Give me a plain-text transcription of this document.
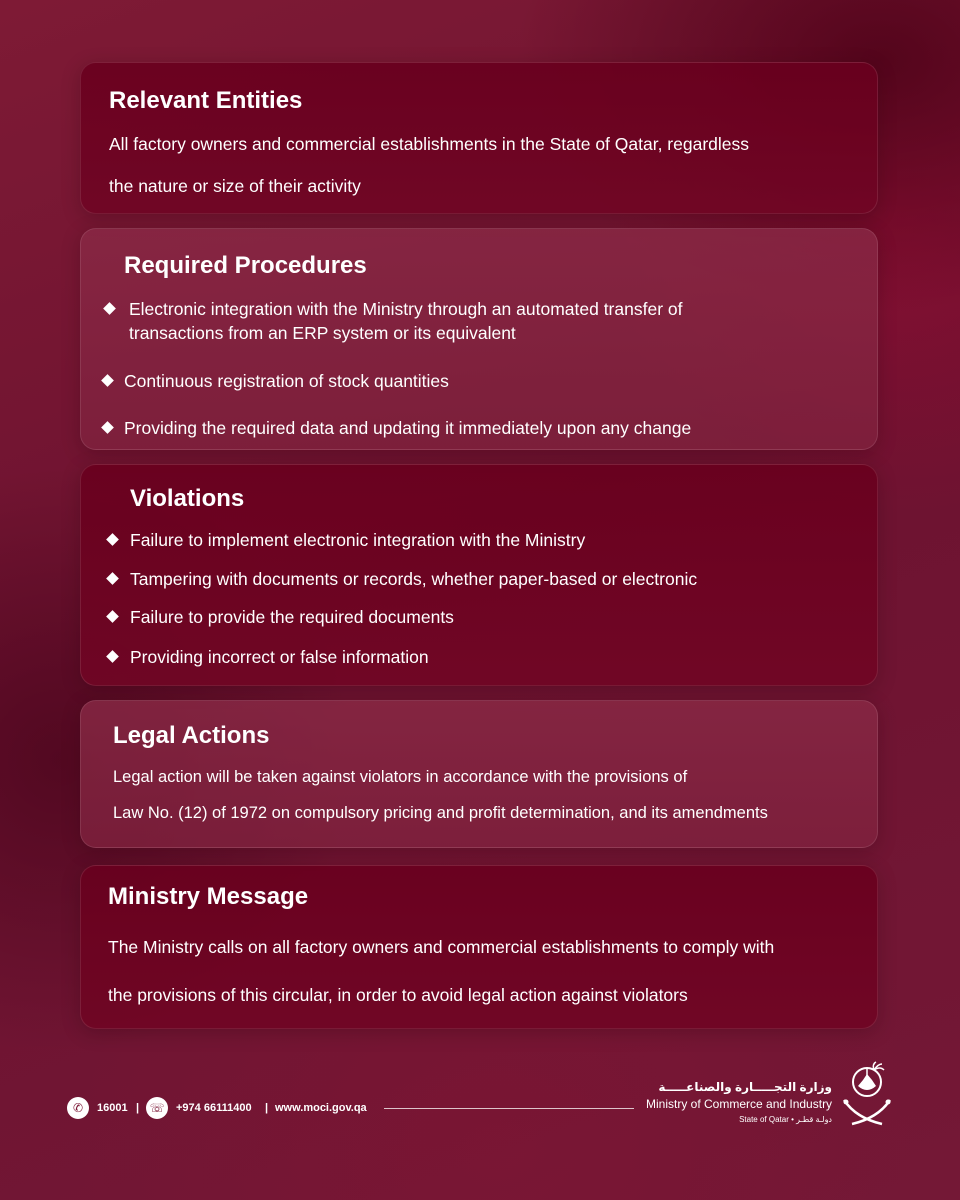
Relevant Entities
All factory owners and commercial establishments in the State of Qatar, regardless
the nature or size of their activity
Required Procedures
Electronic integration with the Ministry through an automated transfer of
transactions from an ERP system or its equivalent
Continuous registration of stock quantities
Providing the required data and updating it immediately upon any change
Violations
Failure to implement electronic integration with the Ministry
Tampering with documents or records, whether paper-based or electronic
Failure to provide the required documents
Providing incorrect or false information
Legal Actions
Legal action will be taken against violators in accordance with the provisions of
Law No. (12) of 1972 on compulsory pricing and profit determination, and its amendments
Ministry Message
The Ministry calls on all factory owners and commercial establishments to comply with
the provisions of this circular, in order to avoid legal action against violators
✆	16001 | ☏	+974 66111400 | www.moci.gov.qa
وزارة التجـــــارة والصناعـــــة
Ministry of Commerce and Industry
State of Qatar • دولـة قطـر
